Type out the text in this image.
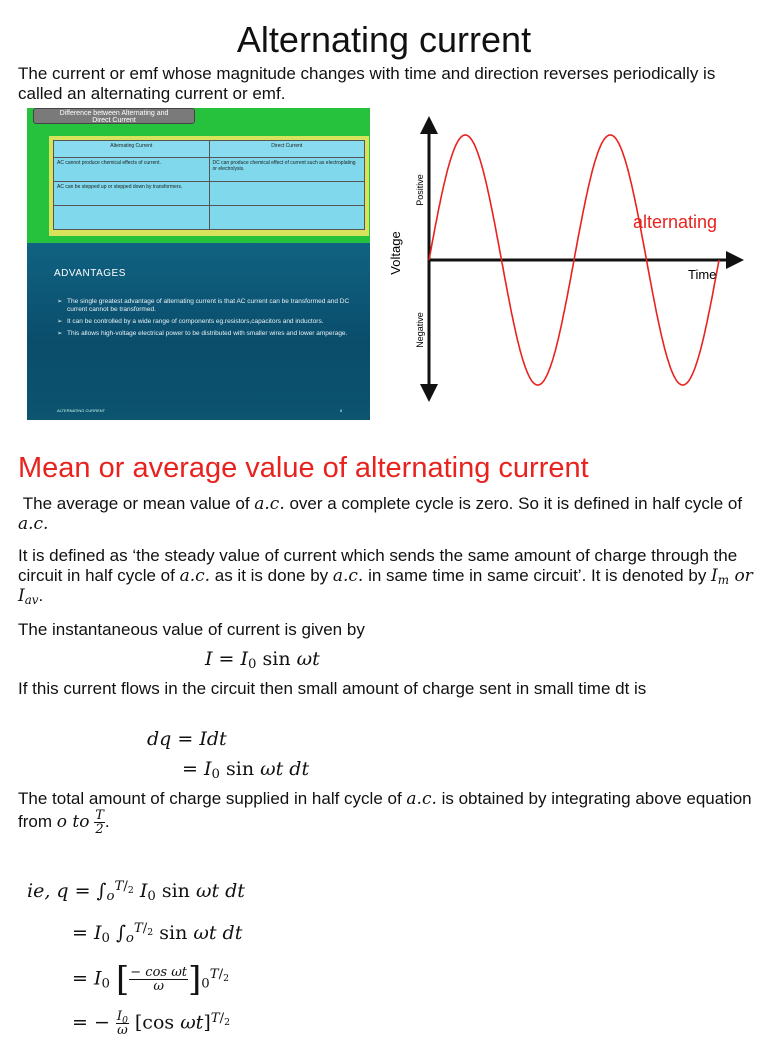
Alternating current
The current or emf whose magnitude changes with time and direction reverses periodically is called an alternating current or emf.
Difference between Alternating and
Direct Current
Alternating Current	Direct Current
AC cannot produce chemical effects of current.	DC can produce chemical effect of current such as electroplating or electrolysis.
AC can be stepped up or stepped down by transformers.	

ADVANTAGES
➢ The single greatest advantage of alternating current is that AC current can be transformed and DC current cannot be transformed.
➢ It can be controlled by a wide range of components eg.resistors,capacitors and inductors.
➢ This allows high-voltage electrical power to be distributed with smaller wires and lower amperage.
ALTERNATING CURRENT	8
Voltage
Positive
Negative
Time
alternating
Mean or average value of alternating current

The average or mean value of a.c. over a complete cycle is zero. So it is defined in half cycle of a.c.

It is defined as ‘the steady value of current which sends the same amount of charge through the circuit in half cycle of a.c. as it is done by a.c. in same time in same circuit’. It is denoted by $I_m$ or $I_{av}$.

The instantaneous value of current is given by

$I = I_0$ sin ωt

If this current flows in the circuit then small amount of charge sent in small time dt is

dq = Idt
= $I_0$ sin ωt dt

The total amount of charge supplied in half cycle of a.c. is obtained by integrating above equation from o to $\frac{T}{2}$ .

ie, $q = \int_o^{T/_2}$ $I_0$ sin ωt dt
= $I_0$ $\int_o^{T/_2}$ sin ωt dt
= $I_0$ [ $\frac{\text{− cos ωt}}{\omega} ]_0^{T/_2}$
= − $\frac{I_0}{\omega} [\cos$ ωt]$^{T/_2}$
